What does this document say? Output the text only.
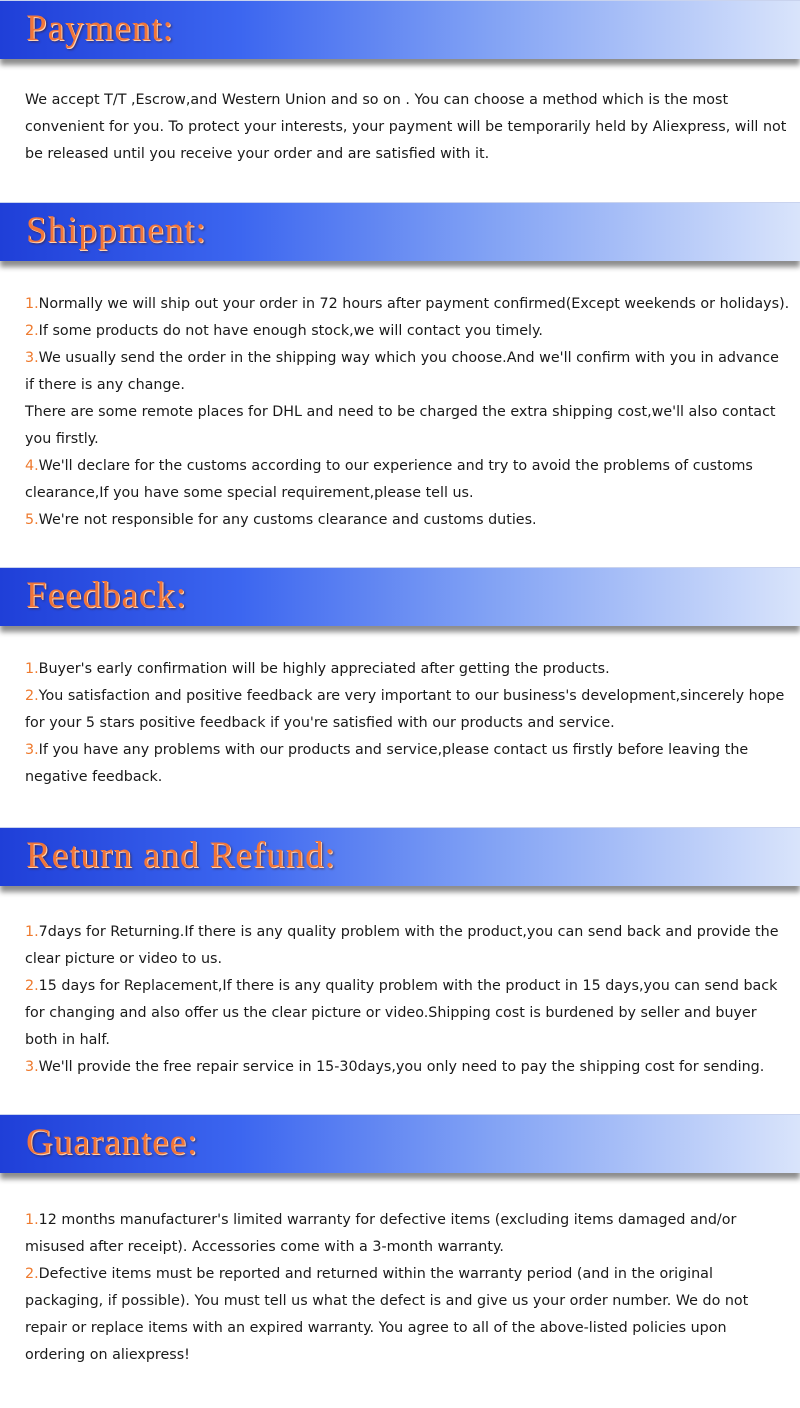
Payment:

We accept T/T ,Escrow,and Western Union and so on . You can choose a method which is the most convenient for you. To protect your interests, your payment will be temporarily held by Aliexpress, will not be released until you receive your order and are satisfied with it.

Shippment:

1.Normally we will ship out your order in 72 hours after payment confirmed(Except weekends or holidays).

2.If some products do not have enough stock,we will contact you timely.

3.We usually send the order in the shipping way which you choose.And we'll confirm with you in advance if there is any change.

There are some remote places for DHL and need to be charged the extra shipping cost,we'll also contact you firstly.

4.We'll declare for the customs according to our experience and try to avoid the problems of customs clearance,If you have some special requirement,please tell us.

5.We're not responsible for any customs clearance and customs duties.

Feedback:

1.Buyer's early confirmation will be highly appreciated after getting the products.

2.You satisfaction and positive feedback are very important to our business's development,sincerely hope for your 5 stars positive feedback if you're satisfied with our products and service.

3.If you have any problems with our products and service,please contact us firstly before leaving the negative feedback.

Return and Refund:

1.7days for Returning.If there is any quality problem with the product,you can send back and provide the clear picture or video to us.

2.15 days for Replacement,If there is any quality problem with the product in 15 days,you can send back for changing and also offer us the clear picture or video.Shipping cost is burdened by seller and buyer both in half.

3.We'll provide the free repair service in 15-30days,you only need to pay the shipping cost for sending.

Guarantee:

1.12 months manufacturer's limited warranty for defective items (excluding items damaged and/or misused after receipt). Accessories come with a 3-month warranty.

2.Defective items must be reported and returned within the warranty period (and in the original packaging, if possible). You must tell us what the defect is and give us your order number. We do not repair or replace items with an expired warranty. You agree to all of the above-listed policies upon ordering on aliexpress!
